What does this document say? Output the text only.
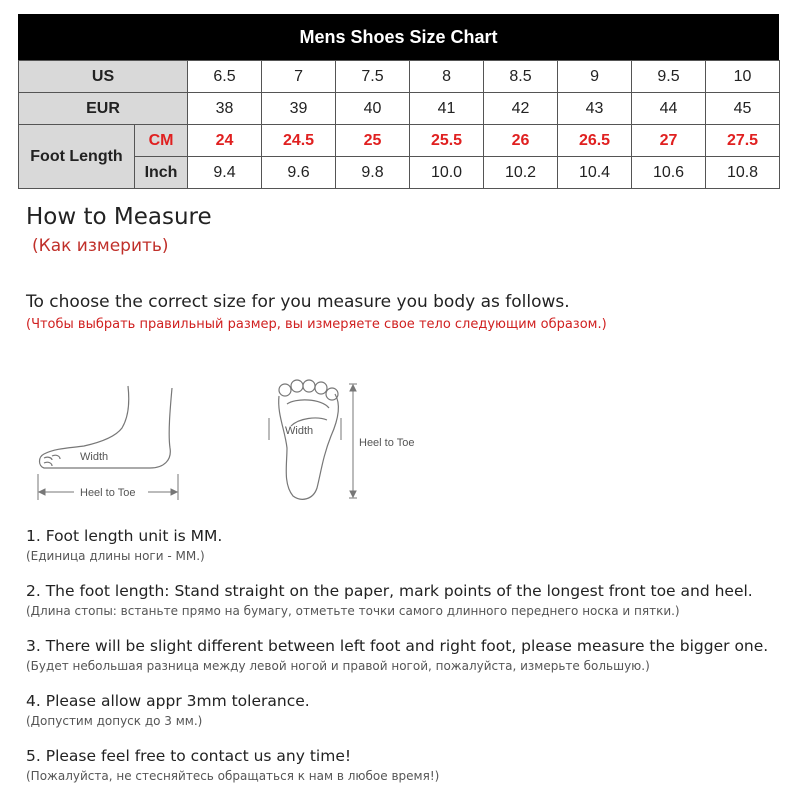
Mens Shoes Size Chart
US		6.5	7	7.5	8	8.5	9	9.5	10
EUR		38	39	40	41	42	43	44	45
Foot Length	CM	24	24.5	25	25.5	26	26.5	27	27.5
	Inch	9.4	9.6	9.8	10.0	10.2	10.4	10.6	10.8
How to Measure
(Как измерить)
To choose the correct size for you measure you body as follows.
(Чтобы выбрать правильный размер, вы измеряете свое тело следующим образом.)
Width
Heel to Toe
Width
Heel to Toe
1. Foot length unit is MM.
(Единица длины ноги - ММ.)
2. The foot length: Stand straight on the paper, mark points of the longest front toe and heel.
(Длина стопы: встаньте прямо на бумагу, отметьте точки самого длинного переднего носка и пятки.)
3. There will be slight different between left foot and right foot, please measure the bigger one.
(Будет небольшая разница между левой ногой и правой ногой, пожалуйста, измерьте большую.)
4. Please allow appr 3mm tolerance.
(Допустим допуск до 3 мм.)
5. Please feel free to contact us any time!
(Пожалуйста, не стесняйтесь обращаться к нам в любое время!)
